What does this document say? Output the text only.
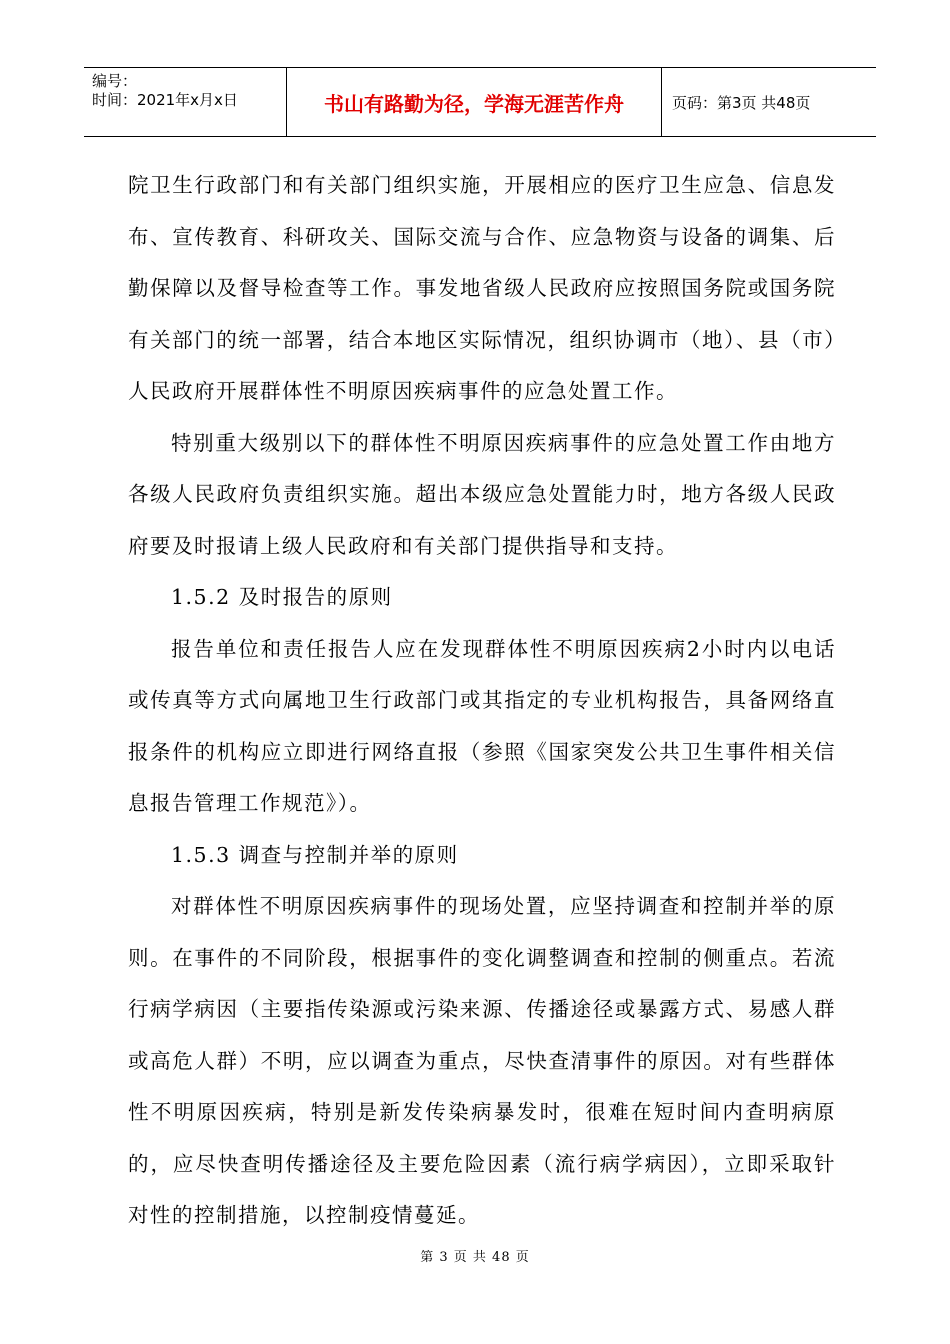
编号：
时间：2021年x月x日	书山有路勤为径，学海无涯苦作舟	页码：第3页 共48页

院卫生行政部门和有关部门组织实施，开展相应的医疗卫生应急、信息发布、宣传教育、科研攻关、国际交流与合作、应急物资与设备的调集、后勤保障以及督导检查等工作。事发地省级人民政府应按照国务院或国务院有关部门的统一部署，结合本地区实际情况，组织协调市（地）、县（市）人民政府开展群体性不明原因疾病事件的应急处置工作。

特别重大级别以下的群体性不明原因疾病事件的应急处置工作由地方各级人民政府负责组织实施。超出本级应急处置能力时，地方各级人民政府要及时报请上级人民政府和有关部门提供指导和支持。

1.5.2 及时报告的原则

报告单位和责任报告人应在发现群体性不明原因疾病2小时内以电话或传真等方式向属地卫生行政部门或其指定的专业机构报告，具备网络直报条件的机构应立即进行网络直报（参照《国家突发公共卫生事件相关信息报告管理工作规范》）。

1.5.3 调查与控制并举的原则

对群体性不明原因疾病事件的现场处置，应坚持调查和控制并举的原则。在事件的不同阶段，根据事件的变化调整调查和控制的侧重点。若流行病学病因（主要指传染源或污染来源、传播途径或暴露方式、易感人群或高危人群）不明，应以调查为重点，尽快查清事件的原因。对有些群体性不明原因疾病，特别是新发传染病暴发时，很难在短时间内查明病原的，应尽快查明传播途径及主要危险因素（流行病学病因），立即采取针对性的控制措施，以控制疫情蔓延。

第 3 页 共 48 页
